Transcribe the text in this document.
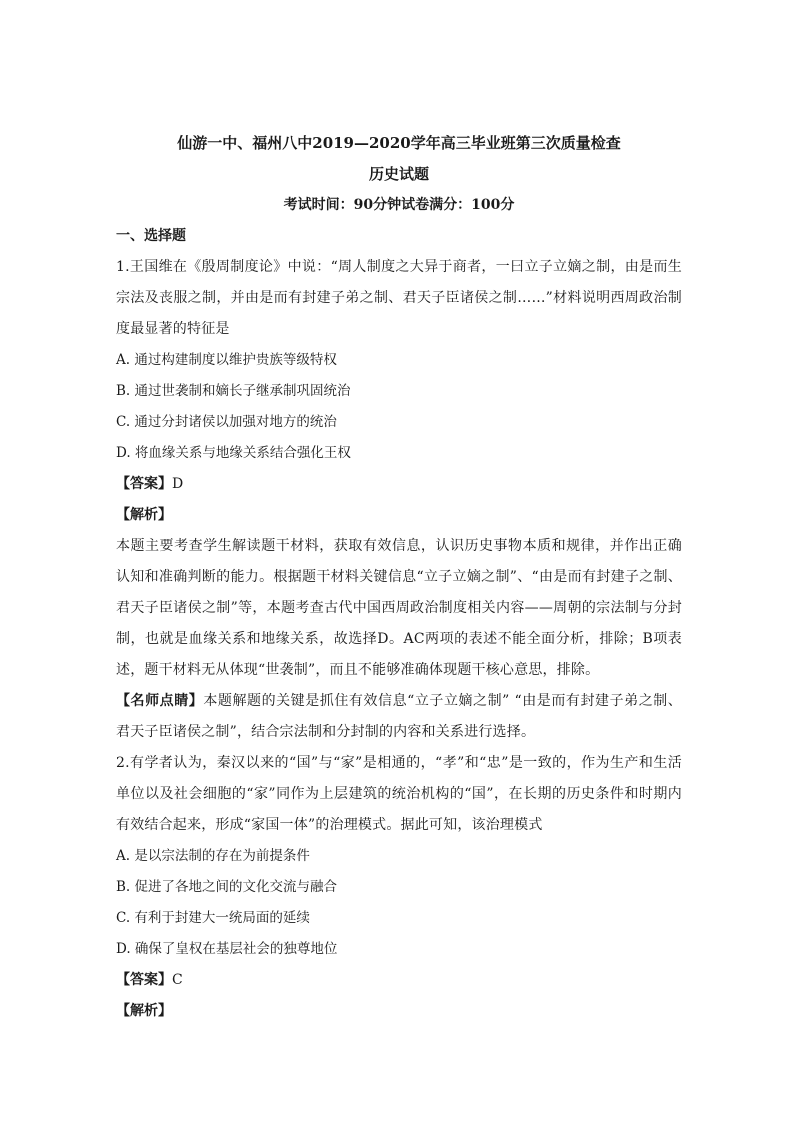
仙游一中、福州八中2019—2020学年高三毕业班第三次质量检查

历史试题

考试时间：90分钟试卷满分：100分

一、选择题

1.王国维在《殷周制度论》中说：“周人制度之大异于商者，一曰立子立嫡之制，由是而生宗法及丧服之制，并由是而有封建子弟之制、君天子臣诸侯之制……”材料说明西周政治制度最显著的特征是

A. 通过构建制度以维护贵族等级特权

B. 通过世袭制和嫡长子继承制巩固统治

C. 通过分封诸侯以加强对地方的统治

D. 将血缘关系与地缘关系结合强化王权

【答案】D

【解析】

本题主要考查学生解读题干材料，获取有效信息，认识历史事物本质和规律，并作出正确认知和准确判断的能力。根据题干材料关键信息“立子立嫡之制”、“由是而有封建子之制、君天子臣诸侯之制”等，本题考查古代中国西周政治制度相关内容——周朝的宗法制与分封制，也就是血缘关系和地缘关系，故选择D。AC两项的表述不能全面分析，排除；B项表述，题干材料无从体现“世袭制”，而且不能够准确体现题干核心意思，排除。

【名师点睛】本题解题的关键是抓住有效信息“立子立嫡之制” “由是而有封建子弟之制、君天子臣诸侯之制”，结合宗法制和分封制的内容和关系进行选择。

2.有学者认为，秦汉以来的“国”与“家”是相通的，“孝”和“忠”是一致的，作为生产和生活单位以及社会细胞的“家”同作为上层建筑的统治机构的“国”，在长期的历史条件和时期内有效结合起来，形成“家国一体”的治理模式。据此可知，该治理模式

A. 是以宗法制的存在为前提条件

B. 促进了各地之间的文化交流与融合

C. 有利于封建大一统局面的延续

D. 确保了皇权在基层社会的独尊地位

【答案】C

【解析】
